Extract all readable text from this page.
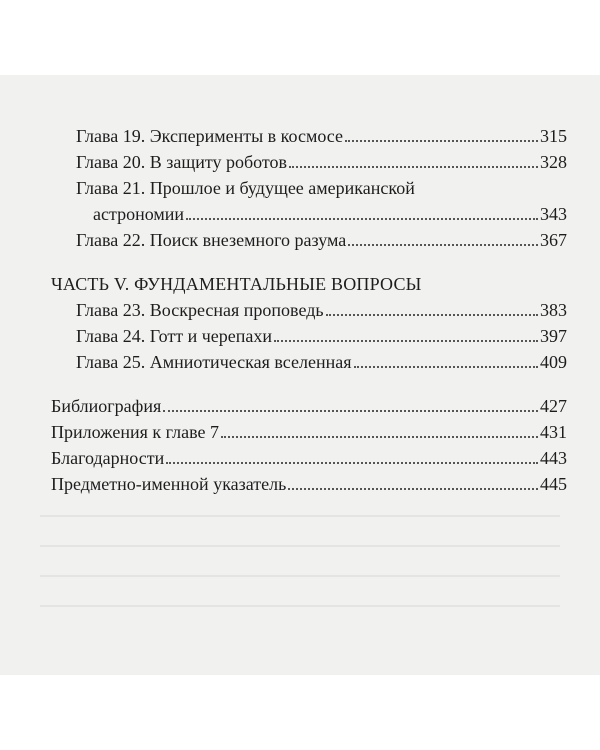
Глава 19. Эксперименты в космосе	315
Глава 20. В защиту роботов	328
Глава 21. Прошлое и будущее американской
астрономии	343
Глава 22. Поиск внеземного разума	367
ЧАСТЬ V. ФУНДАМЕНТАЛЬНЫЕ ВОПРОСЫ
Глава 23. Воскресная проповедь	383
Глава 24. Готт и черепахи	397
Глава 25. Амниотическая вселенная	409
Библиография	427
Приложения к главе 7	431
Благодарности	443
Предметно-именной указатель	445
